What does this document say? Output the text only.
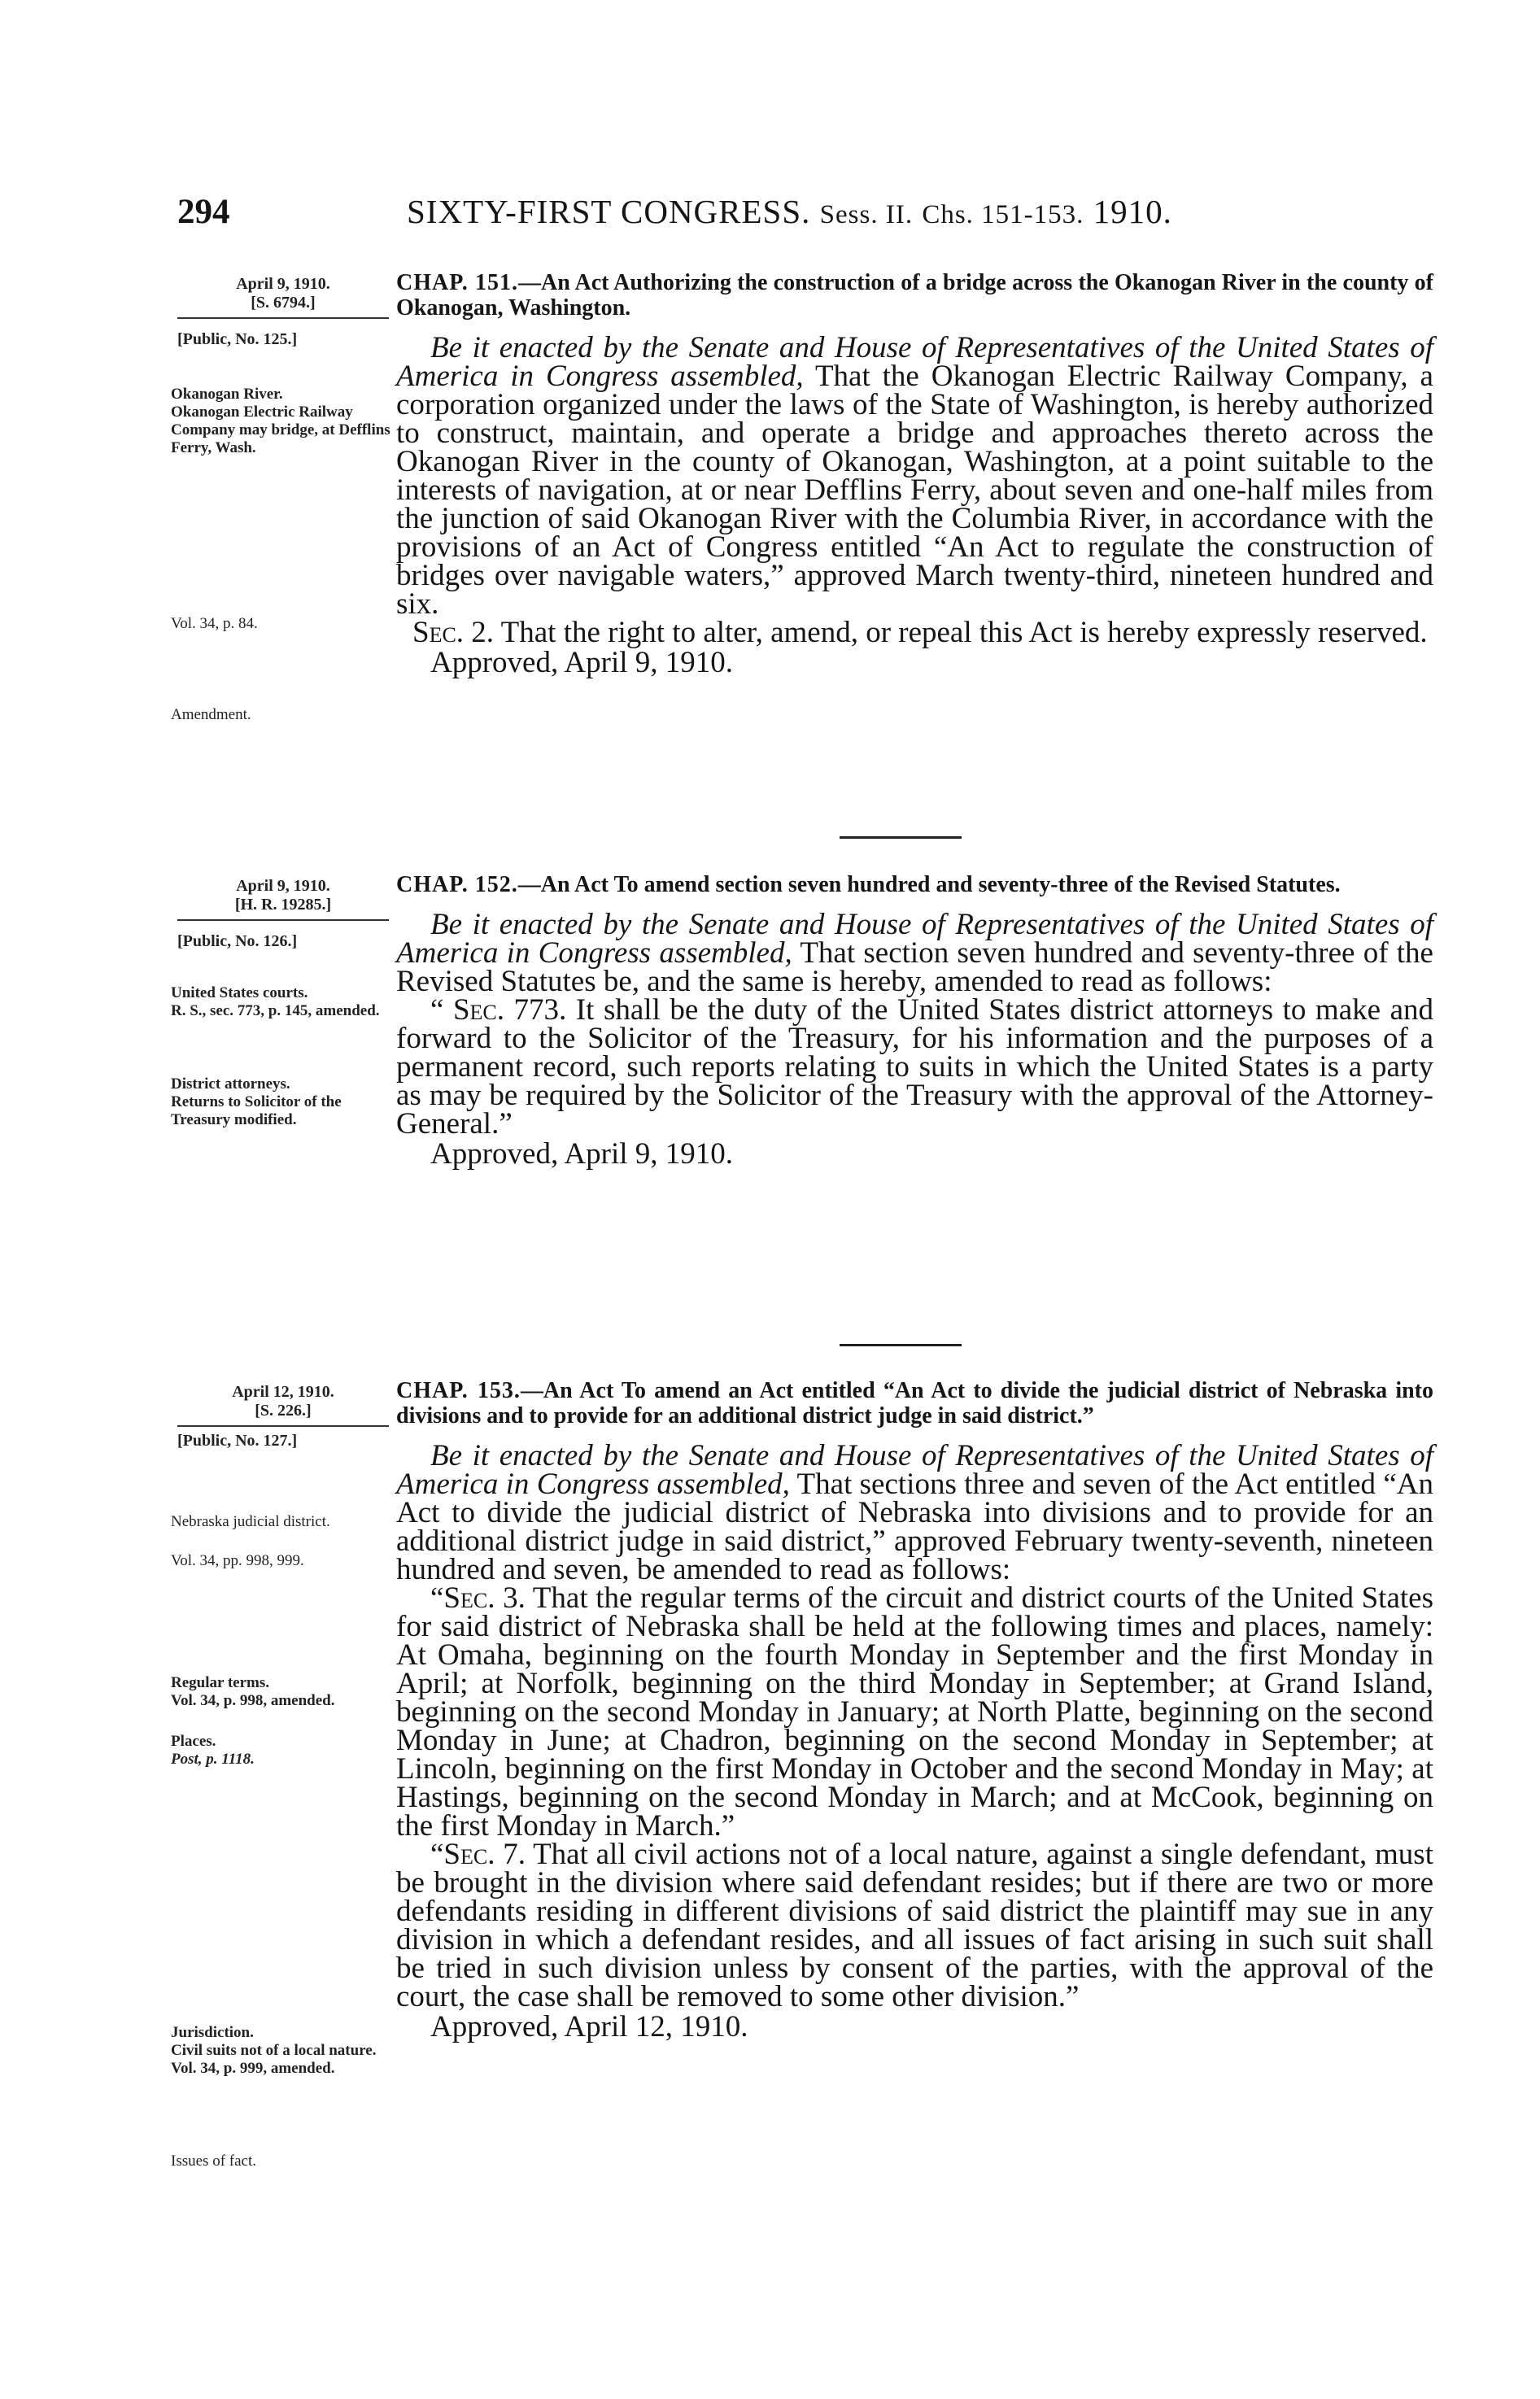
294	SIXTY-FIRST CONGRESS. Sess. II. Chs. 151-153. 1910.
April 9, 1910.
[S. 6794.]
[Public, No. 125.]
Okanogan River.
Okanogan Electric Railway Company may bridge, at Defflins Ferry, Wash.
Vol. 34, p. 84.
Amendment.
CHAP. 151.—An Act Authorizing the construction of a bridge across the Okanogan River in the county of Okanogan, Washington.
Be it enacted by the Senate and House of Representatives of the United States of America in Congress assembled, That the Okanogan Electric Railway Company, a corporation organized under the laws of the State of Washington, is hereby authorized to construct, maintain, and operate a bridge and approaches thereto across the Okanogan River in the county of Okanogan, Washington, at a point suitable to the interests of navigation, at or near Defflins Ferry, about seven and one-half miles from the junction of said Okanogan River with the Columbia River, in accordance with the provisions of an Act of Congress entitled “An Act to regulate the construction of bridges over navigable waters,” approved March twenty-third, nineteen hundred and six.
Sec. 2. That the right to alter, amend, or repeal this Act is hereby expressly reserved.
Approved, April 9, 1910.
April 9, 1910.
[H. R. 19285.]
[Public, No. 126.]
United States courts.
R. S., sec. 773, p. 145, amended.
District attorneys.
Returns to Solicitor of the Treasury modified.
CHAP. 152.—An Act To amend section seven hundred and seventy-three of the Revised Statutes.
Be it enacted by the Senate and House of Representatives of the United States of America in Congress assembled, That section seven hundred and seventy-three of the Revised Statutes be, and the same is hereby, amended to read as follows:
“ Sec. 773. It shall be the duty of the United States district attorneys to make and forward to the Solicitor of the Treasury, for his information and the purposes of a permanent record, such reports relating to suits in which the United States is a party as may be required by the Solicitor of the Treasury with the approval of the Attorney-General.”
Approved, April 9, 1910.
April 12, 1910.
[S. 226.]
[Public, No. 127.]
Nebraska judicial district.
Vol. 34, pp. 998, 999.
Regular terms.
Vol. 34, p. 998, amended.
Places.
Post, p. 1118.
Jurisdiction.
Civil suits not of a local nature.
Vol. 34, p. 999, amended.
Issues of fact.
CHAP. 153.—An Act To amend an Act entitled “An Act to divide the judicial district of Nebraska into divisions and to provide for an additional district judge in said district.”
Be it enacted by the Senate and House of Representatives of the United States of America in Congress assembled, That sections three and seven of the Act entitled “An Act to divide the judicial district of Nebraska into divisions and to provide for an additional district judge in said district,” approved February twenty-seventh, nineteen hundred and seven, be amended to read as follows:
“Sec. 3. That the regular terms of the circuit and district courts of the United States for said district of Nebraska shall be held at the following times and places, namely: At Omaha, beginning on the fourth Monday in September and the first Monday in April; at Norfolk, beginning on the third Monday in September; at Grand Island, beginning on the second Monday in January; at North Platte, beginning on the second Monday in June; at Chadron, beginning on the second Monday in September; at Lincoln, beginning on the first Monday in October and the second Monday in May; at Hastings, beginning on the second Monday in March; and at McCook, beginning on the first Monday in March.”
“Sec. 7. That all civil actions not of a local nature, against a single defendant, must be brought in the division where said defendant resides; but if there are two or more defendants residing in different divisions of said district the plaintiff may sue in any division in which a defendant resides, and all issues of fact arising in such suit shall be tried in such division unless by consent of the parties, with the approval of the court, the case shall be removed to some other division.”
Approved, April 12, 1910.
